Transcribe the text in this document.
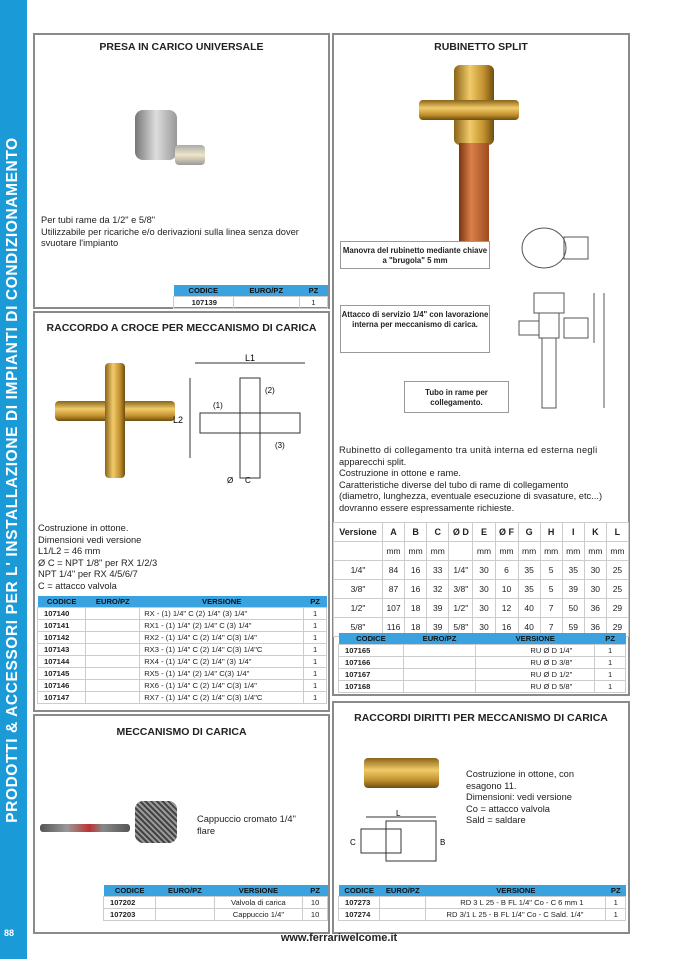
PRODOTTI & ACCESSORI PER L' INSTALLAZIONE DI IMPIANTI DI CONDIZIONAMENTO
88
PRESA IN CARICO UNIVERSALE
Per tubi rame da 1/2" e 5/8"
Utilizzabile per ricariche e/o derivazioni sulla linea senza dover
svuotare l'impianto
CODICE	EURO/PZ	PZ
107139		1
RACCORDO A CROCE PER MECCANISMO DI CARICA
L1
L2
(1)
(2)
(3)
Ø C
Costruzione in ottone.
Dimensioni vedi versione
L1/L2 = 46 mm
Ø C = NPT 1/8" per RX 1/2/3
NPT 1/4" per RX 4/5/6/7
C = attacco valvola
CODICE	EURO/PZ	VERSIONE	PZ
107140		RX - (1) 1/4" C (2) 1/4" (3) 1/4"	1
107141		RX1 - (1) 1/4" (2) 1/4" C (3) 1/4"	1
107142		RX2 - (1) 1/4" C (2) 1/4" C(3) 1/4"	1
107143		RX3 - (1) 1/4" C (2) 1/4" C(3) 1/4"C	1
107144		RX4 - (1) 1/4" C (2) 1/4" (3) 1/4"	1
107145		RX5 - (1) 1/4" (2) 1/4" C(3) 1/4"	1
107146		RX6 - (1) 1/4" C (2) 1/4" C(3) 1/4"	1
107147		RX7 - (1) 1/4" C (2) 1/4" C(3) 1/4"C	1
MECCANISMO DI CARICA
Cappuccio cromato 1/4"
flare
CODICE	EURO/PZ	VERSIONE	PZ
107202		Valvola di carica	10
107203		Cappuccio 1/4"	10
RUBINETTO SPLIT
Manovra del rubinetto mediante chiave a "brugola" 5 mm
Attacco di servizio 1/4" con lavorazione interna per meccanismo di carica.
Tubo in rame per collegamento.
Rubinetto di collegamento tra unità interna ed esterna negli
apparecchi split.
Costruzione in ottone e rame.
Caratteristiche diverse del tubo di rame di collegamento
(diametro, lunghezza, eventuale esecuzione di svasature, etc...)
dovranno essere espressamente richieste.
Versione	A	B	C	Ø D	E	Ø F	G	H	I	K	L
	mm	mm	mm		mm	mm	mm	mm	mm	mm	mm
1/4"	84	16	33	1/4"	30	6	35	5	35	30	25
3/8"	87	16	32	3/8"	30	10	35	5	39	30	25
1/2"	107	18	39	1/2"	30	12	40	7	50	36	29
5/8"	116	18	39	5/8"	30	16	40	7	59	36	29
CODICE	EURO/PZ	VERSIONE	PZ
107165		RU Ø D 1/4"	1
107166		RU Ø D 3/8"	1
107167		RU Ø D 1/2"	1
107168		RU Ø D 5/8"	1
RACCORDI DIRITTI PER MECCANISMO DI CARICA
L
C	B
Costruzione in ottone, con
esagono 11.
Dimensioni: vedi versione
Co = attacco valvola
Sald = saldare
CODICE	EURO/PZ	VERSIONE	PZ
107273		RD 3 L 25 - B FL 1/4" Co - C 6 mm 1	1
107274		RD 3/1 L 25 - B FL 1/4" Co - C Sald. 1/4"	1
www.ferrariwelcome.it
